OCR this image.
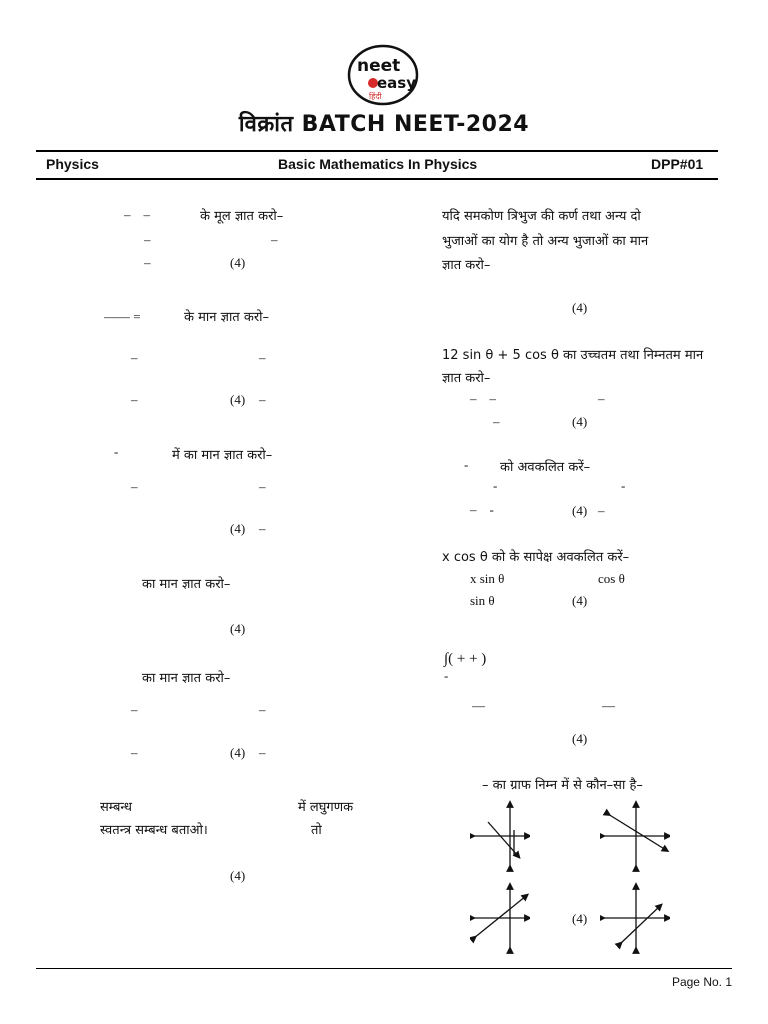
neet
easy
हिंदी
विक्रांत BATCH NEET-2024
Physics	Basic Mathematics In Physics	DPP#01
–    –	के मूल ज्ञात करो–
–	–
–	(4)
—— =	के मान ज्ञात करो–
–	–
–	(4) –
-	में का मान ज्ञात करो–
–	–
(4) –
का मान ज्ञात करो–
(4)
का मान ज्ञात करो–
–	–
–	(4) –
सम्बन्ध	में लघुगणक
स्वतन्त्र सम्बन्ध बताओ।	तो
(4)
यदि समकोण त्रिभुज की कर्ण तथा अन्य दो
भुजाओं का योग है तो अन्य भुजाओं का मान
ज्ञात करो–
(4)
12 sin θ + 5 cos θ का उच्चतम तथा निम्नतम मान
ज्ञात करो–
–    –	–
–	(4)
- को अवकलित करें–
-	-
–    -	(4) –
x cos θ को के सापेक्ष अवकलित करें–
x sin θ	cos θ
sin θ	(4)
∫( + + )
-
—	—
(4)
– का ग्राफ निम्न में से कौन–सा है–
(4)
Page No. 1
